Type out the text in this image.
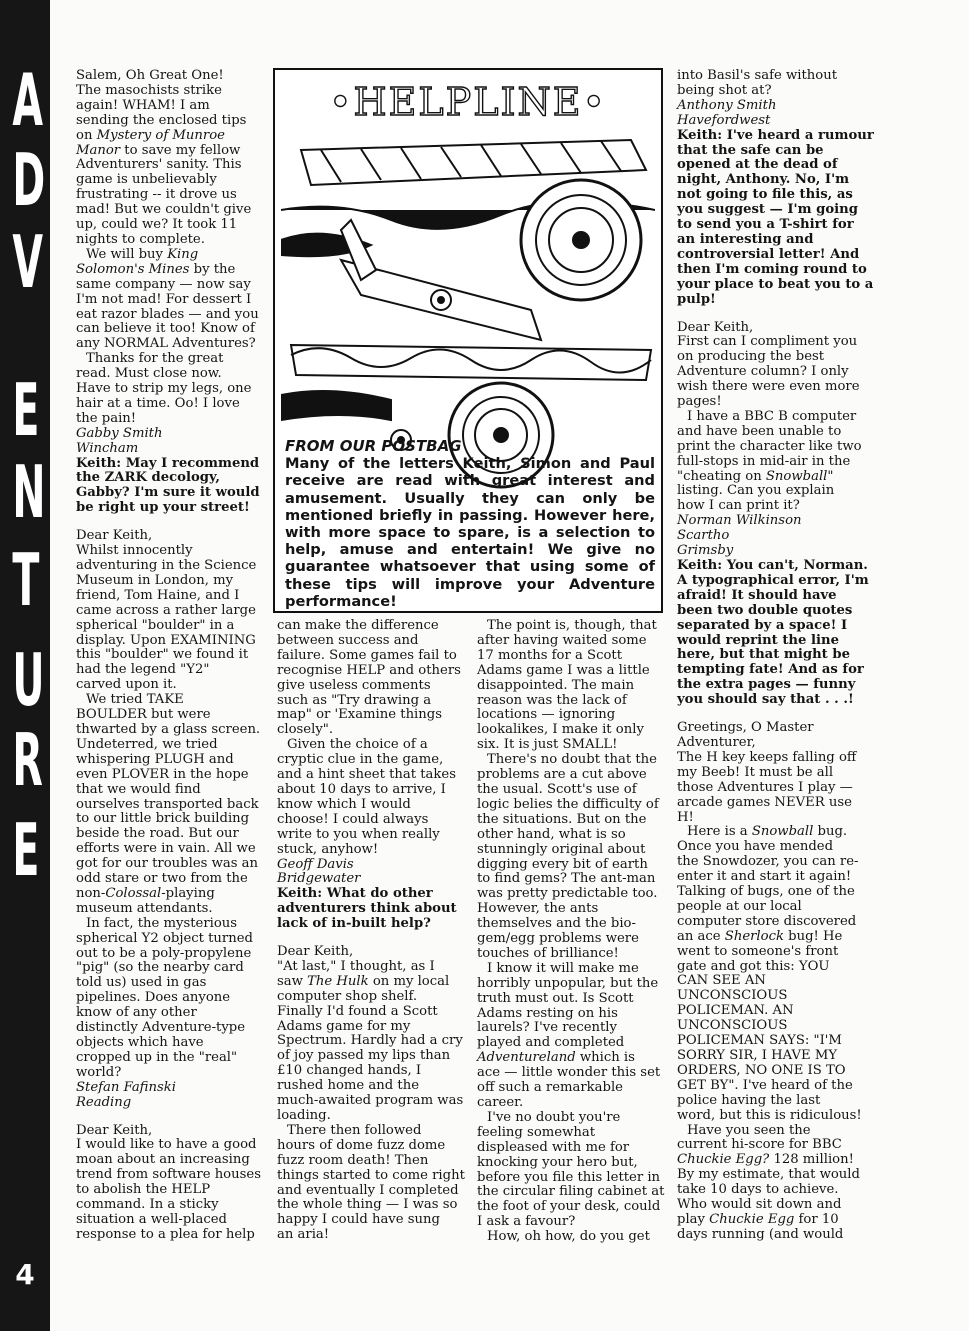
A
D
V
E
N
T
U
R
E
4

Salem, Oh Great One!

The masochists strike

again! WHAM! I am

sending the enclosed tips

on Mystery of Munroe

Manor to save my fellow

Adventurers' sanity. This

game is unbelievably

frustrating -- it drove us

mad! But we couldn't give

up, could we? It took 11

nights to complete.

We will buy King

Solomon's Mines by the

same company — now say

I'm not mad! For dessert I

eat razor blades — and you

can believe it too! Know of

any NORMAL Adventures?

Thanks for the great

read. Must close now.

Have to strip my legs, one

hair at a time. Oo! I love

the pain!

Gabby Smith

Wincham

Keith: May I recommend

the ZARK decology,

Gabby? I'm sure it would

be right up your street!

Dear Keith,

Whilst innocently

adventuring in the Science

Museum in London, my

friend, Tom Haine, and I

came across a rather large

spherical "boulder" in a

display. Upon EXAMINING

this "boulder" we found it

had the legend "Y2"

carved upon it.

We tried TAKE

BOULDER but were

thwarted by a glass screen.

Undeterred, we tried

whispering PLUGH and

even PLOVER in the hope

that we would find

ourselves transported back

to our little brick building

beside the road. But our

efforts were in vain. All we

got for our troubles was an

odd stare or two from the

non-Colossal-playing

museum attendants.

In fact, the mysterious

spherical Y2 object turned

out to be a poly-propylene

"pig" (so the nearby card

told us) used in gas

pipelines. Does anyone

know of any other

distinctly Adventure-type

objects which have

cropped up in the "real"

world?

Stefan Fafinski

Reading

Dear Keith,

I would like to have a good

moan about an increasing

trend from software houses

to abolish the HELP

command. In a sticky

situation a well-placed

response to a plea for help

•HELPLINE•
FROM OUR POSTBAG
Many of the letters Keith, Simon and Paul receive are read with great interest and amusement. Usually they can only be mentioned briefly in passing. However here, with more space to spare, is a selection to help, amuse and entertain! We give no guarantee whatsoever that using some of these tips will improve your Adventure performance!

can make the difference

between success and

failure. Some games fail to

recognise HELP and others

give useless comments

such as "Try drawing a

map" or 'Examine things

closely".

Given the choice of a

cryptic clue in the game,

and a hint sheet that takes

about 10 days to arrive, I

know which I would

choose! I could always

write to you when really

stuck, anyhow!

Geoff Davis

Bridgewater

Keith: What do other

adventurers think about

lack of in-built help?

Dear Keith,

"At last," I thought, as I

saw The Hulk on my local

computer shop shelf.

Finally I'd found a Scott

Adams game for my

Spectrum. Hardly had a cry

of joy passed my lips than

£10 changed hands, I

rushed home and the

much-awaited program was

loading.

There then followed

hours of dome fuzz dome

fuzz room death! Then

things started to come right

and eventually I completed

the whole thing — I was so

happy I could have sung

an aria!

The point is, though, that

after having waited some

17 months for a Scott

Adams game I was a little

disappointed. The main

reason was the lack of

locations — ignoring

lookalikes, I make it only

six. It is just SMALL!

There's no doubt that the

problems are a cut above

the usual. Scott's use of

logic belies the difficulty of

the situations. But on the

other hand, what is so

stunningly original about

digging every bit of earth

to find gems? The ant-man

was pretty predictable too.

However, the ants

themselves and the bio-

gem/egg problems were

touches of brilliance!

I know it will make me

horribly unpopular, but the

truth must out. Is Scott

Adams resting on his

laurels? I've recently

played and completed

Adventureland which is

ace — little wonder this set

off such a remarkable

career.

I've no doubt you're

feeling somewhat

displeased with me for

knocking your hero but,

before you file this letter in

the circular filing cabinet at

the foot of your desk, could

I ask a favour?

How, oh how, do you get

into Basil's safe without

being shot at?

Anthony Smith

Havefordwest

Keith: I've heard a rumour

that the safe can be

opened at the dead of

night, Anthony. No, I'm

not going to file this, as

you suggest — I'm going

to send you a T-shirt for

an interesting and

controversial letter! And

then I'm coming round to

your place to beat you to a

pulp!

Dear Keith,

First can I compliment you

on producing the best

Adventure column? I only

wish there were even more

pages!

I have a BBC B computer

and have been unable to

print the character like two

full-stops in mid-air in the

"cheating on Snowball"

listing. Can you explain

how I can print it?

Norman Wilkinson

Scartho

Grimsby

Keith: You can't, Norman.

A typographical error, I'm

afraid! It should have

been two double quotes

separated by a space! I

would reprint the line

here, but that might be

tempting fate! And as for

the extra pages — funny

you should say that . . .!

Greetings, O Master

Adventurer,

The H key keeps falling off

my Beeb! It must be all

those Adventures I play —

arcade games NEVER use

H!

Here is a Snowball bug.

Once you have mended

the Snowdozer, you can re-

enter it and start it again!

Talking of bugs, one of the

people at our local

computer store discovered

an ace Sherlock bug! He

went to someone's front

gate and got this: YOU

CAN SEE AN

UNCONSCIOUS

POLICEMAN. AN

UNCONSCIOUS

POLICEMAN SAYS: "I'M

SORRY SIR, I HAVE MY

ORDERS, NO ONE IS TO

GET BY". I've heard of the

police having the last

word, but this is ridiculous!

Have you seen the

current hi-score for BBC

Chuckie Egg? 128 million!

By my estimate, that would

take 10 days to achieve.

Who would sit down and

play Chuckie Egg for 10

days running (and would
